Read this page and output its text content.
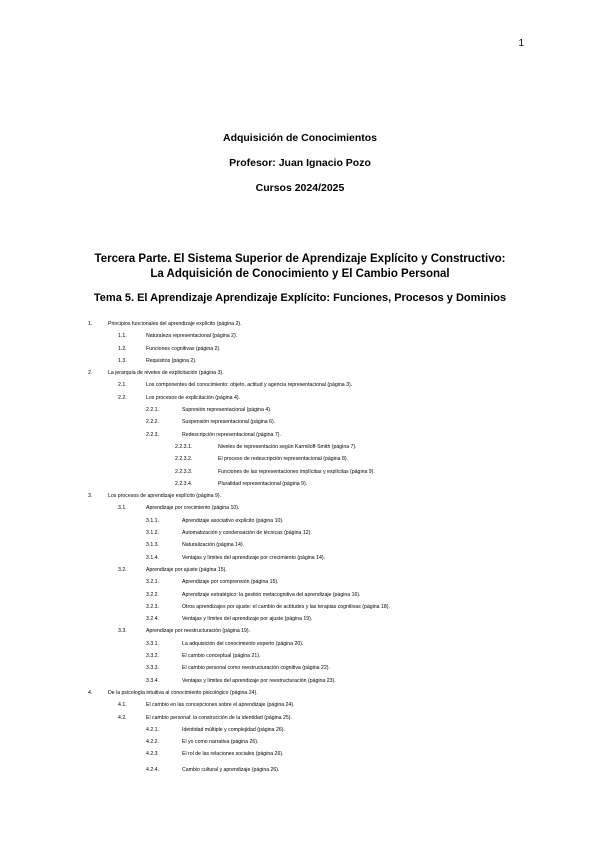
1
Adquisición de Conocimientos
Profesor: Juan Ignacio Pozo
Cursos 2024/2025
Tercera Parte. El Sistema Superior de Aprendizaje Explícito y Constructivo:
La Adquisición de Conocimiento y El Cambio Personal
Tema 5. El Aprendizaje Aprendizaje Explícito: Funciones, Procesos y Dominios
1.	Principios funcionales del aprendizaje explícito (página 2).
1.1.	Naturaleza representacional (página 2).
1.2.	Funciones cognitivas (página 2).
1.3.	Requisitos (página 2).
2.	La jerarquía de niveles de explicitación (página 3).
2.1.	Los componentes del conocimiento: objeto, actitud y agencia representacional (página 3).
2.2.	Los procesos de explicitación (página 4).
2.2.1.	Supresión representacional (página 4).
2.2.2.	Suspensión representacional (página 6).
2.2.3.	Redescripción representacional (página 7).
2.2.3.1.	Niveles de representación según Karmiloff-Smith (página 7).
2.2.3.2.	El proceso de redescripción representacional (página 8).
2.2.3.3.	Funciones de las representaciones implícitas y explícitas (página 9).
2.2.3.4.	Pluralidad representacional (página 9).
3.	Los procesos de aprendizaje explícito (página 9).
3.1.	Aprendizaje por crecimiento (página 10).
3.1.1.	Aprendizaje asociativo explícito (página 10).
3.1.2.	Automatización y condensación de técnicas (página 12).
3.1.3.	Naturalización (página 14).
3.1.4.	Ventajas y límites del aprendizaje por crecimiento (página 14).
3.2.	Aprendizaje por ajuste (página 15).
3.2.1.	Aprendizaje por comprensión (página 15).
3.2.2.	Aprendizaje estratégico: la gestión metacognitiva del aprendizaje (página 16).
3.2.3.	Otros aprendizajes por ajuste: el cambio de actitudes y las terapias cognitivas (página 18).
3.2.4.	Ventajas y límites del aprendizaje por ajuste (página 19).
3.3.	Aprendizaje por reestructuración (página 19).
3.3.1.	La adquisición del conocimiento experto (página 20).
3.3.2.	El cambio conceptual (página 21).
3.3.3.	El cambio personal como reestructuración cognitiva (página 22).
3.3.4.	Ventajas y límites del aprendizaje por reestructuración (página 23).
4.	De la psicología intuitiva al conocimiento psicológico (página 24).
4.1.	El cambio en las concepciones sobre el aprendizaje (página 24).
4.2.	El cambio personal: la construcción de la identidad (página 25).
4.2.1.	Identidad múltiple y complejidad (página 26).
4.2.2.	El yo como narrativa (página 26).
4.2.3.	El rol de las relaciones sociales (página 26).
4.2.4.	Cambio cultural y aprendizaje (página 26).
